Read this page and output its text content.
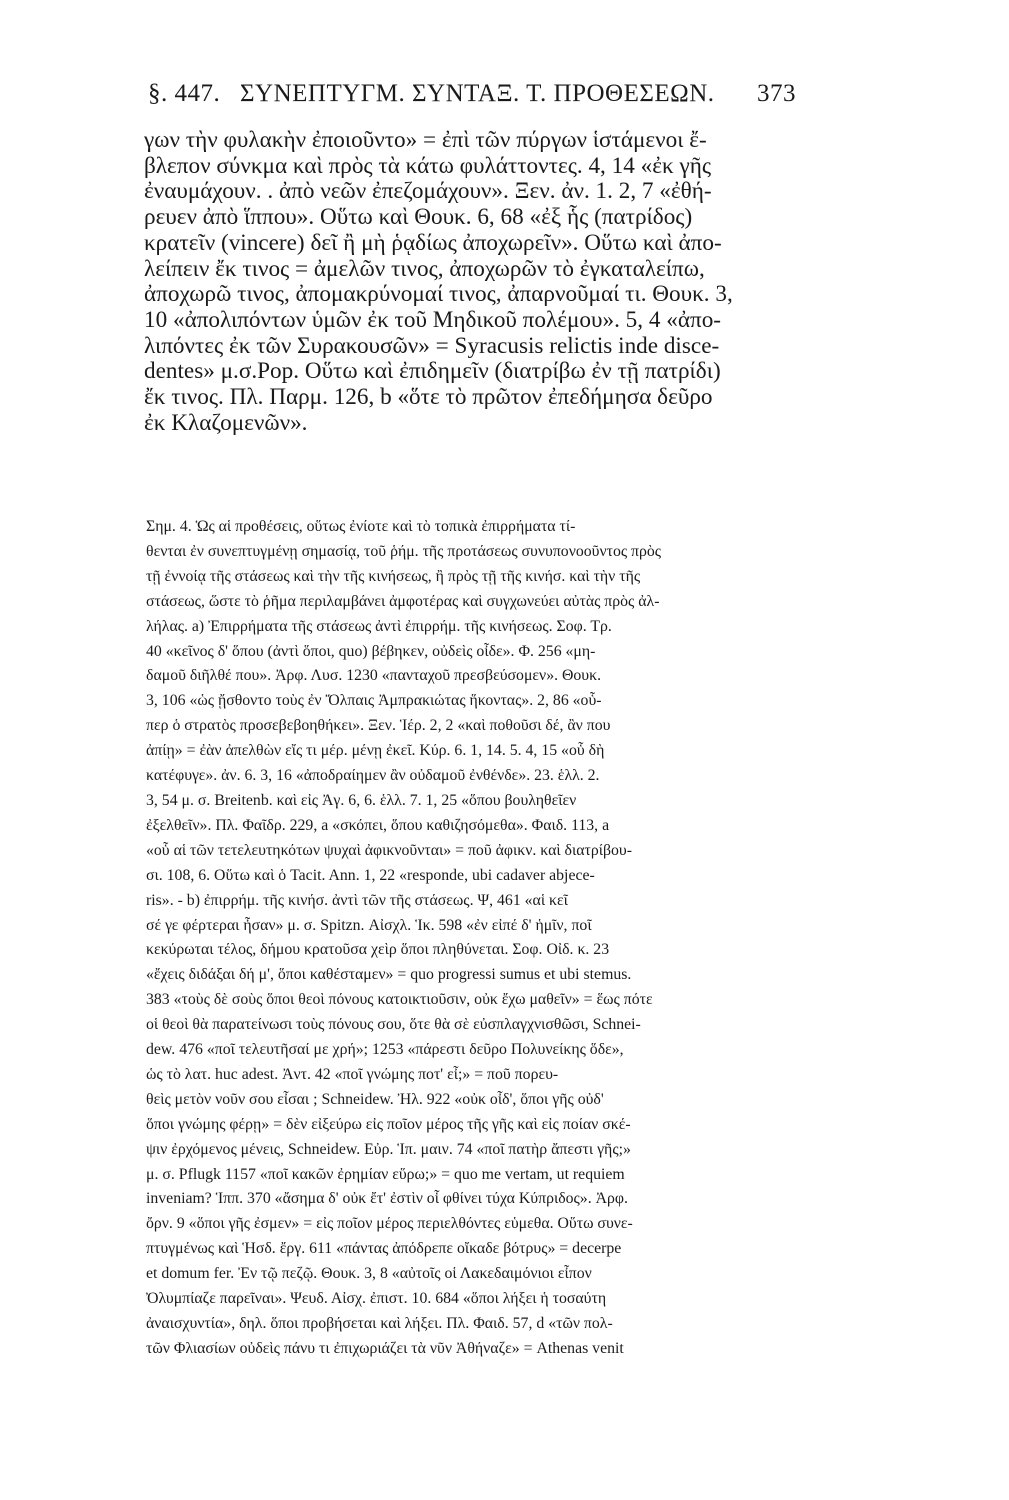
§. 447. ΣΥΝΕΠΤΥΓΜ. ΣΥΝΤΑΞ. Τ. ΠΡΟΘΕΣΕΩΝ. 373
γων τὴν φυλακὴν ἐποιοῦντο» = ἐπὶ τῶν πύργων ἱστάμενοι ἔ-
βλεπον σύνκμα καὶ πρὸς τὰ κάτω φυλάττοντες. 4, 14 «ἐκ γῆς
ἐναυμάχουν. . ἀπὸ νεῶν ἐπεζομάχουν». Ξεν. ἀν. 1. 2, 7 «ἐθή-
ρευεν ἀπὸ ἵππου». Οὕτω καὶ Θουκ. 6, 68 «ἐξ ἧς (πατρίδος)
κρατεῖν (vincere) δεῖ ἢ μὴ ῥᾳδίως ἀποχωρεῖν». Οὕτω καὶ ἀπο-
λείπειν ἔκ τινος = ἀμελῶν τινος, ἀποχωρῶν τὸ ἐγκαταλείπω,
ἀποχωρῶ τινος, ἀπομακρύνομαί τινος, ἀπαρνοῦμαί τι. Θουκ. 3,
10 «ἀπολιπόντων ὑμῶν ἐκ τοῦ Μηδικοῦ πολέμου». 5, 4 «ἀπο-
λιπόντες ἐκ τῶν Συρακουσῶν» = Syracusis relictis inde disce-
dentes» μ.σ.Pop. Οὕτω καὶ ἐπιδημεῖν (διατρίβω ἐν τῇ πατρίδι)
ἔκ τινος. Πλ. Παρμ. 126, b «ὅτε τὸ πρῶτον ἐπεδήμησα δεῦρο
ἐκ Κλαζομενῶν».
Σημ. 4. Ὡς αἱ προθέσεις, οὕτως ἐνίοτε καὶ τὸ τοπικὰ ἐπιρρήματα τί-
θενται ἐν συνεπτυγμένῃ σημασίᾳ, τοῦ ῥήμ. τῆς προτάσεως συνυπονοοῦντος πρὸς
τῇ ἐννοίᾳ τῆς στάσεως καὶ τὴν τῆς κινήσεως, ἢ πρὸς τῇ τῆς κινήσ. καὶ τὴν τῆς
στάσεως, ὥστε τὸ ῥῆμα περιλαμβάνει ἀμφοτέρας καὶ συγχωνεύει αὐτὰς πρὸς ἀλ-
λήλας. a) Ἐπιρρήματα τῆς στάσεως ἀντὶ ἐπιρρήμ. τῆς κινήσεως. Σοφ. Τρ.
40 «κεῖνος δ' ὅπου (ἀντὶ ὅποι, quo) βέβηκεν, οὐδεὶς οἶδε». Φ. 256 «μη-
δαμοῦ διῆλθέ που». Ἀρφ. Λυσ. 1230 «πανταχοῦ πρεσβεύσομεν». Θουκ.
3, 106 «ὡς ᾔσθοντο τοὺς ἐν Ὄλπαις Ἀμπρακιώτας ἥκοντας». 2, 86 «οὗ-
περ ὁ στρατὸς προσεβεβοηθήκει». Ξεν. Ἱέρ. 2, 2 «καὶ ποθοῦσι δέ, ἂν που
ἀπίῃ» = ἐὰν ἀπελθὼν εἴς τι μέρ. μένῃ ἐκεῖ. Κύρ. 6. 1, 14. 5. 4, 15 «οὗ δὴ
κατέφυγε». ἀν. 6. 3, 16 «ἀποδραίημεν ἂν οὐδαμοῦ ἐνθένδε». 23. ἑλλ. 2.
3, 54 μ. σ. Breitenb. καὶ εἰς Ἀγ. 6, 6. ἑλλ. 7. 1, 25 «ὅπου βουληθεῖεν
ἐξελθεῖν». Πλ. Φαῖδρ. 229, a «σκόπει, ὅπου καθιζησόμεθα». Φαιδ. 113, a
«οὗ αἱ τῶν τετελευτηκότων ψυχαὶ ἀφικνοῦνται» = ποῦ ἀφικν. καὶ διατρίβου-
σι. 108, 6. Οὕτω καὶ ὁ Tacit. Ann. 1, 22 «responde, ubi cadaver abjece-
ris». - b) ἐπιρρήμ. τῆς κινήσ. ἀντὶ τῶν τῆς στάσεως. Ψ, 461 «αἱ κεῖ
σέ γε φέρτεραι ἦσαν» μ. σ. Spitzn. Αἰσχλ. Ἱκ. 598 «ἐν εἰπέ δ' ἡμῖν, ποῖ
κεκύρωται τέλος, δήμου κρατοῦσα χεὶρ ὅποι πληθύνεται. Σοφ. Οἰδ. κ. 23
«ἔχεις διδάξαι δή μ', ὅποι καθέσταμεν» = quo progressi sumus et ubi stemus.
383 «τοὺς δὲ σοὺς ὅποι θεοὶ πόνους κατοικτιοῦσιν, οὐκ ἔχω μαθεῖν» = ἕως πότε
οἱ θεοὶ θὰ παρατείνωσι τοὺς πόνους σου, ὅτε θὰ σὲ εὐσπλαγχνισθῶσι, Schnei-
dew. 476 «ποῖ τελευτῆσαί με χρή»; 1253 «πάρεστι δεῦρο Πολυνείκης ὅδε»,
ὡς τὸ λατ. huc adest. Ἀντ. 42 «ποῖ γνώμης ποτ' εἶ;» = ποῦ πορευ-
θεὶς μετὸν νοῦν σου εἶσαι ; Schneidew. Ἠλ. 922 «οὐκ οἶδ', ὅποι γῆς οὐδ'
ὅποι γνώμης φέρῃ» = δὲν εἰξεύρω εἰς ποῖον μέρος τῆς γῆς καὶ εἰς ποίαν σκέ-
ψιν ἐρχόμενος μένεις, Schneidew. Εὐρ. Ἱπ. μαιν. 74 «ποῖ πατὴρ ἄπεστι γῆς;»
μ. σ. Pflugk 1157 «ποῖ κακῶν ἐρημίαν εὕρω;» = quo me vertam, ut requiem
inveniam? Ἱππ. 370 «ἄσημα δ' οὐκ ἔτ' ἐστὶν οἷ φθίνει τύχα Κύπριδος». Ἀρφ.
ὄρν. 9 «ὅποι γῆς ἐσμεν» = εἰς ποῖον μέρος περιελθόντες εὑμεθα. Οὕτω συνε-
πτυγμένως καὶ Ἡσδ. ἔργ. 611 «πάντας ἀπόδρεπε οἴκαδε βότρυς» = decerpe
et domum fer. Ἐν τῷ πεζῷ. Θουκ. 3, 8 «αὐτοῖς οἱ Λακεδαιμόνιοι εἶπον
Ὀλυμπίαζε παρεῖναι». Ψευδ. Αἰσχ. ἐπιστ. 10. 684 «ὅποι λήξει ἡ τοσαύτη
ἀναισχυντία», δηλ. ὅποι προβήσεται καὶ λήξει. Πλ. Φαιδ. 57, d «τῶν πολ-
τῶν Φλιασίων οὐδεὶς πάνυ τι ἐπιχωριάζει τὰ νῦν Ἀθήναζε» = Athenas venit
